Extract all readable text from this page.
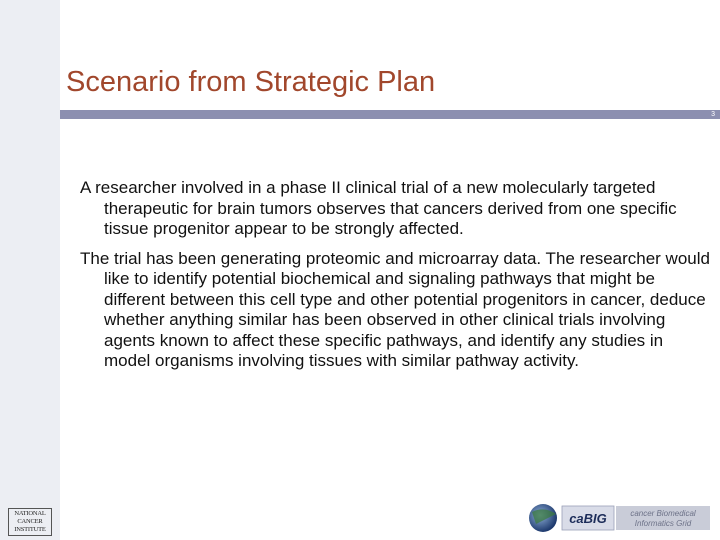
Scenario from Strategic Plan
3

A researcher involved in a phase II clinical trial of a new molecularly targeted therapeutic for brain tumors observes that cancers derived from one specific tissue progenitor appear to be strongly affected.

The trial has been generating proteomic and microarray data. The researcher would like to identify potential biochemical and signaling pathways that might be different between this cell type and other potential progenitors in cancer, deduce whether anything similar has been observed in other clinical trials involving agents known to affect these specific pathways, and identify any studies in model organisms involving tissues with similar pathway activity.

NATIONAL CANCER INSTITUTE
caBIG	cancer Biomedical
Informatics Grid
